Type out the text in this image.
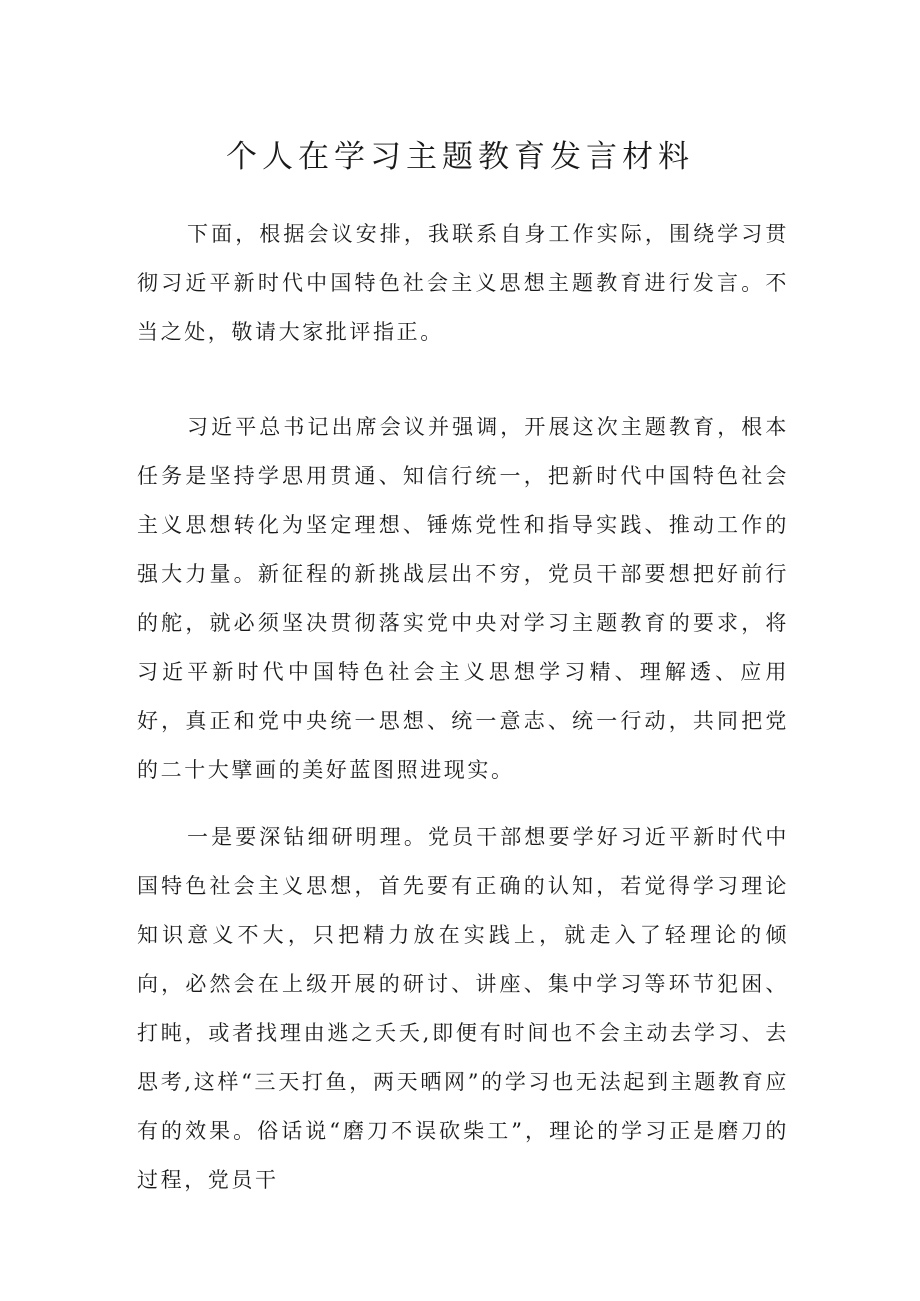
个人在学习主题教育发言材料

下面，根据会议安排，我联系自身工作实际，围绕学习贯彻习近平新时代中国特色社会主义思想主题教育进行发言。不当之处，敬请大家批评指正。

习近平总书记出席会议并强调，开展这次主题教育，根本任务是坚持学思用贯通、知信行统一，把新时代中国特色社会主义思想转化为坚定理想、锤炼党性和指导实践、推动工作的强大力量。新征程的新挑战层出不穷，党员干部要想把好前行的舵，就必须坚决贯彻落实党中央对学习主题教育的要求，将习近平新时代中国特色社会主义思想学习精、理解透、应用好，真正和党中央统一思想、统一意志、统一行动，共同把党的二十大擘画的美好蓝图照进现实。

一是要深钻细研明理。党员干部想要学好习近平新时代中国特色社会主义思想，首先要有正确的认知，若觉得学习理论知识意义不大，只把精力放在实践上，就走入了轻理论的倾向，必然会在上级开展的研讨、讲座、集中学习等环节犯困、打盹，或者找理由逃之夭夭,即便有时间也不会主动去学习、去思考,这样“三天打鱼，两天晒网”的学习也无法起到主题教育应有的效果。俗话说“磨刀不误砍柴工”，理论的学习正是磨刀的过程，党员干
